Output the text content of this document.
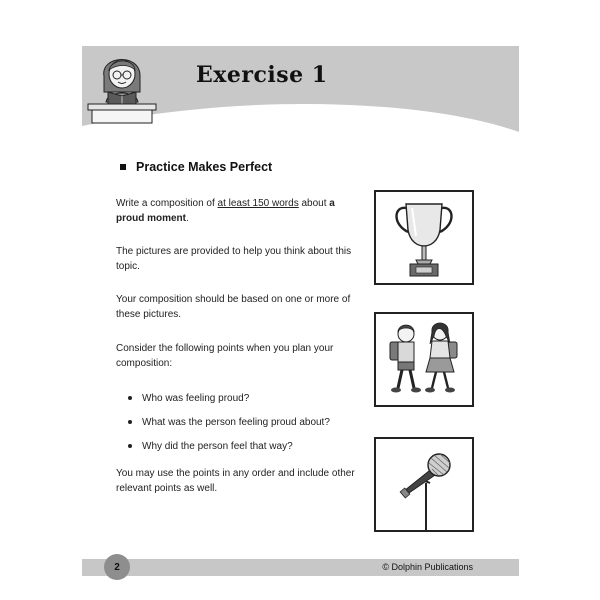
Exercise 1
Practice Makes Perfect

Write a composition of at least 150 words about a proud moment.

The pictures are provided to help you think about this topic.

Your composition should be based on one or more of these pictures.

Consider the following points when you plan your composition:

Who was feeling proud?
What was the person feeling proud about?
Why did the person feel that way?

You may use the points in any order and include other relevant points as well.

2	© Dolphin Publications
